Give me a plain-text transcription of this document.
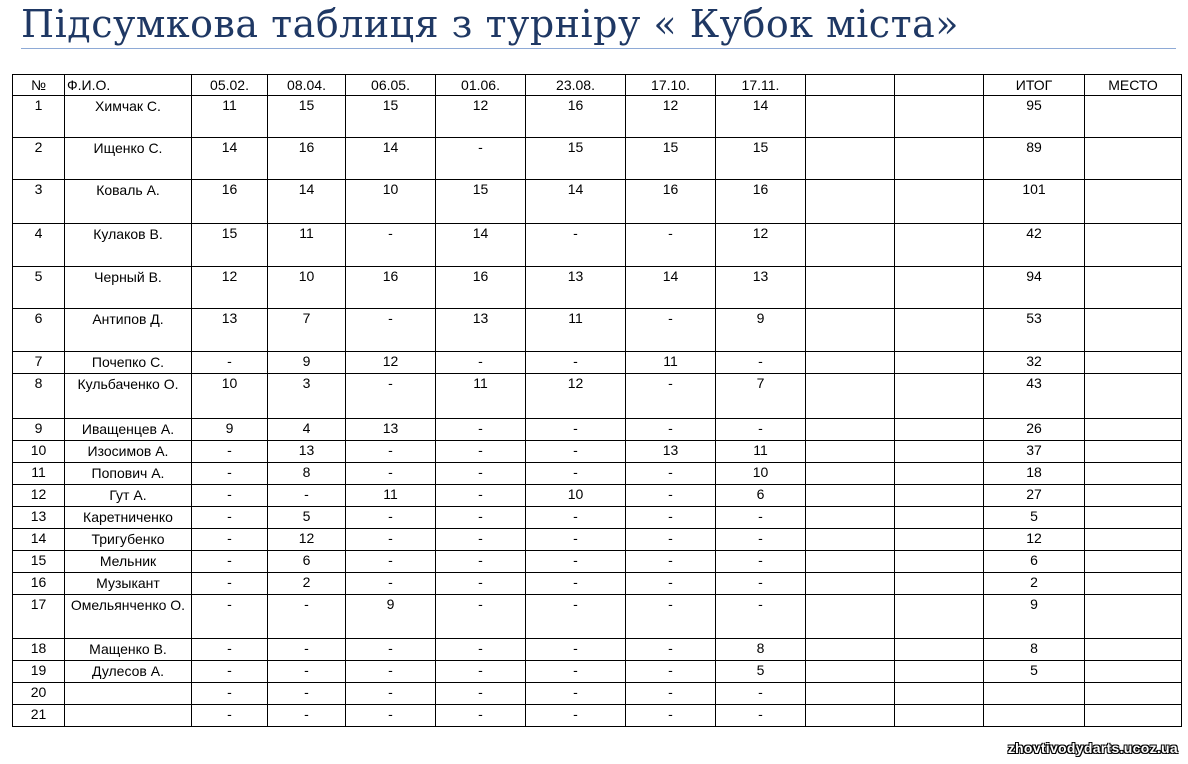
Підсумкова таблиця з турніру « Кубок міста»
№	Ф.И.О.	05.02.	08.04.	06.05.	01.06.	23.08.	17.10.	17.11.			ИТОГ	МЕСТО
1	Химчак С.	11	15	15	12	16	12	14			95	
2	Ищенко С.	14	16	14	-	15	15	15			89	
3	Коваль А.	16	14	10	15	14	16	16			101	
4	Кулаков В.	15	11	-	14	-	-	12			42	
5	Черный В.	12	10	16	16	13	14	13			94	
6	Антипов Д.	13	7	-	13	11	-	9			53	
7	Почепко С.	-	9	12	-	-	11	-			32	
8	Кульбаченко О.	10	3	-	11	12	-	7			43	
9	Иващенцев А.	9	4	13	-	-	-	-			26	
10	Изосимов А.	-	13	-	-	-	13	11			37	
11	Попович А.	-	8	-	-	-	-	10			18	
12	Гут А.	-	-	11	-	10	-	6			27	
13	Каретниченко	-	5	-	-	-	-	-			5	
14	Тригубенко	-	12	-	-	-	-	-			12	
15	Мельник	-	6	-	-	-	-	-			6	
16	Музыкант	-	2	-	-	-	-	-			2	
17	Омельянченко О.	-	-	9	-	-	-	-			9	
18	Мащенко В.	-	-	-	-	-	-	8			8	
19	Дулесов А.	-	-	-	-	-	-	5			5	
20		-	-	-	-	-	-	-				
21		-	-	-	-	-	-	-				
zhovtivodydarts.ucoz.ua
